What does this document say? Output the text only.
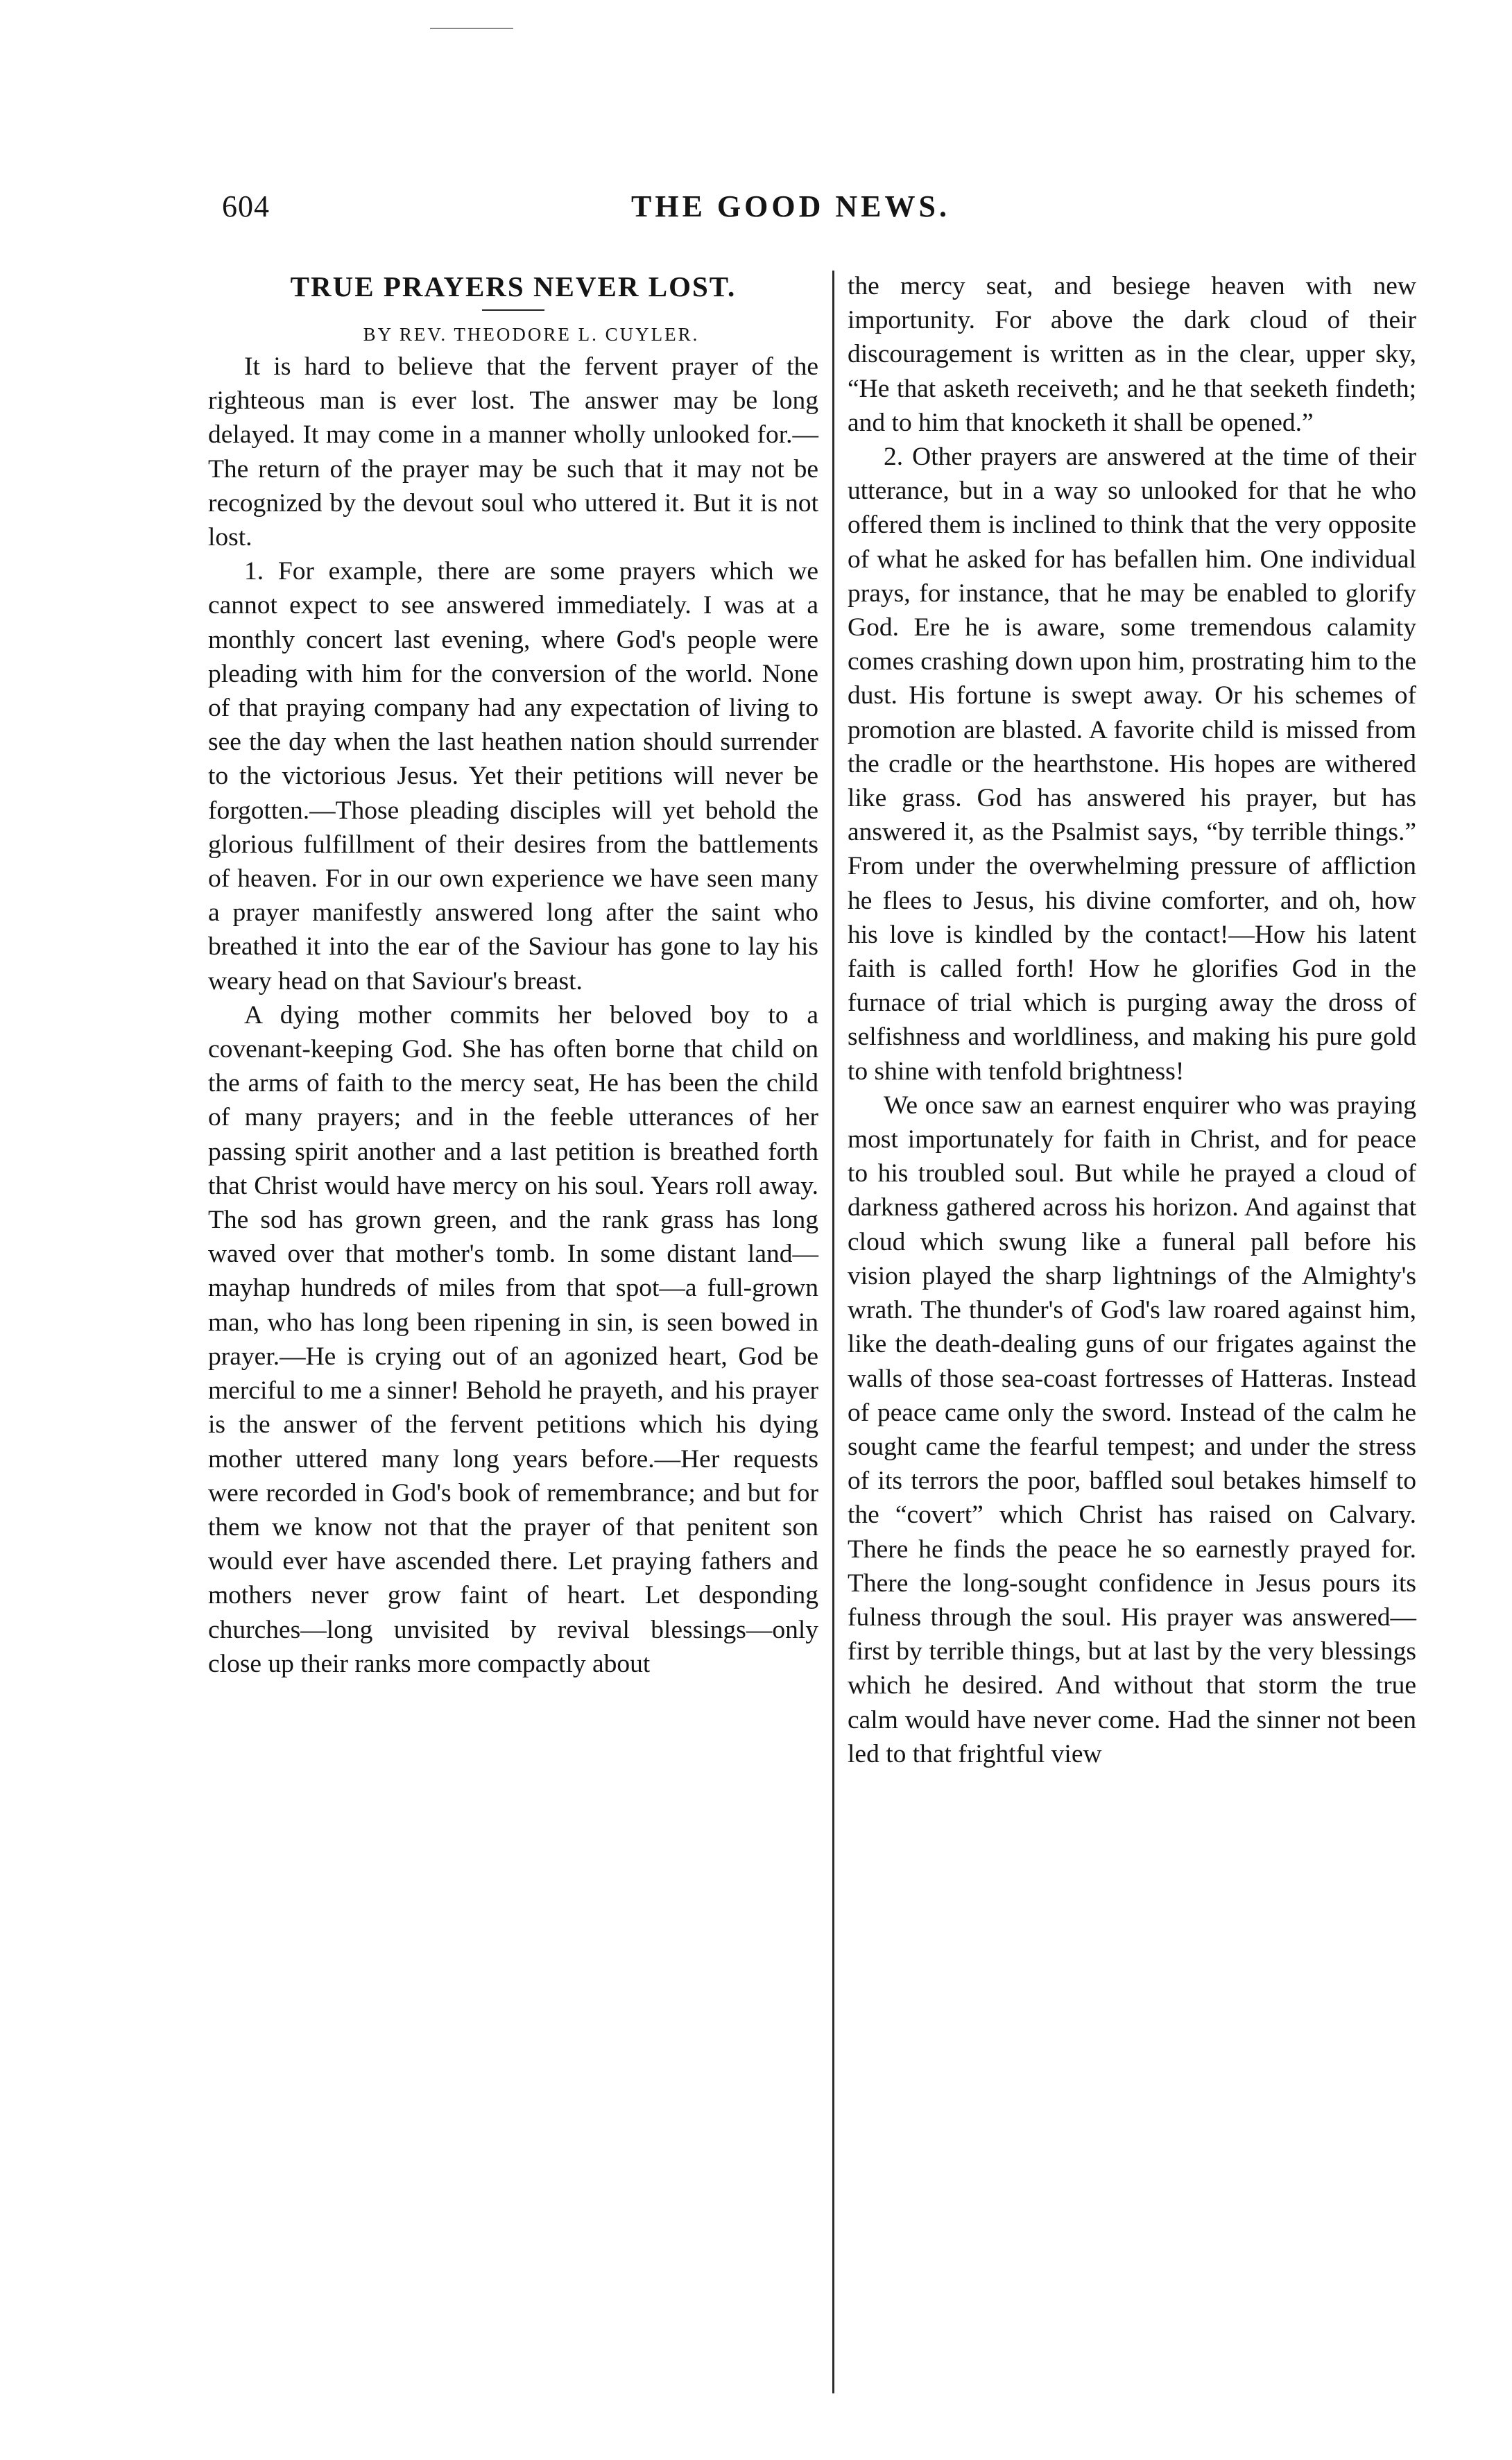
604	THE GOOD NEWS.
TRUE PRAYERS NEVER LOST.

BY REV. THEODORE L. CUYLER.

It is hard to believe that the fervent prayer of the righteous man is ever lost. The answer may be long delayed. It may come in a manner wholly unlooked for.—The return of the prayer may be such that it may not be recognized by the devout soul who uttered it. But it is not lost.

1. For example, there are some prayers which we cannot expect to see answered immediately. I was at a monthly concert last evening, where God's people were pleading with him for the conversion of the world. None of that praying company had any expectation of living to see the day when the last heathen nation should surrender to the victorious Jesus. Yet their petitions will never be forgotten.—Those pleading disciples will yet behold the glorious fulfillment of their desires from the battlements of heaven. For in our own experience we have seen many a prayer manifestly answered long after the saint who breathed it into the ear of the Saviour has gone to lay his weary head on that Saviour's breast.

A dying mother commits her beloved boy to a covenant-keeping God. She has often borne that child on the arms of faith to the mercy seat, He has been the child of many prayers; and in the feeble utterances of her passing spirit another and a last petition is breathed forth that Christ would have mercy on his soul. Years roll away. The sod has grown green, and the rank grass has long waved over that mother's tomb. In some distant land—mayhap hundreds of miles from that spot—a full-grown man, who has long been ripening in sin, is seen bowed in prayer.—He is crying out of an agonized heart, God be merciful to me a sinner! Behold he prayeth, and his prayer is the answer of the fervent petitions which his dying mother uttered many long years before.—Her requests were recorded in God's book of remembrance; and but for them we know not that the prayer of that penitent son would ever have ascended there. Let praying fathers and mothers never grow faint of heart. Let desponding churches—long unvisited by revival blessings—only close up their ranks more compactly about

the mercy seat, and besiege heaven with new importunity. For above the dark cloud of their discouragement is written as in the clear, upper sky, “He that asketh receiveth; and he that seeketh findeth; and to him that knocketh it shall be opened.”

2. Other prayers are answered at the time of their utterance, but in a way so unlooked for that he who offered them is inclined to think that the very opposite of what he asked for has befallen him. One individual prays, for instance, that he may be enabled to glorify God. Ere he is aware, some tremendous calamity comes crashing down upon him, prostrating him to the dust. His fortune is swept away. Or his schemes of promotion are blasted. A favorite child is missed from the cradle or the hearthstone. His hopes are withered like grass. God has answered his prayer, but has answered it, as the Psalmist says, “by terrible things.” From under the overwhelming pressure of affliction he flees to Jesus, his divine comforter, and oh, how his love is kindled by the contact!—How his latent faith is called forth! How he glorifies God in the furnace of trial which is purging away the dross of selfishness and worldliness, and making his pure gold to shine with tenfold brightness!

We once saw an earnest enquirer who was praying most importunately for faith in Christ, and for peace to his troubled soul. But while he prayed a cloud of darkness gathered across his horizon. And against that cloud which swung like a funeral pall before his vision played the sharp lightnings of the Almighty's wrath. The thunder's of God's law roared against him, like the death-dealing guns of our frigates against the walls of those sea-coast fortresses of Hatteras. Instead of peace came only the sword. Instead of the calm he sought came the fearful tempest; and under the stress of its terrors the poor, baffled soul betakes himself to the “covert” which Christ has raised on Calvary. There he finds the peace he so earnestly prayed for. There the long-sought confidence in Jesus pours its fulness through the soul. His prayer was answered—first by terrible things, but at last by the very blessings which he desired. And without that storm the true calm would have never come. Had the sinner not been led to that frightful view
